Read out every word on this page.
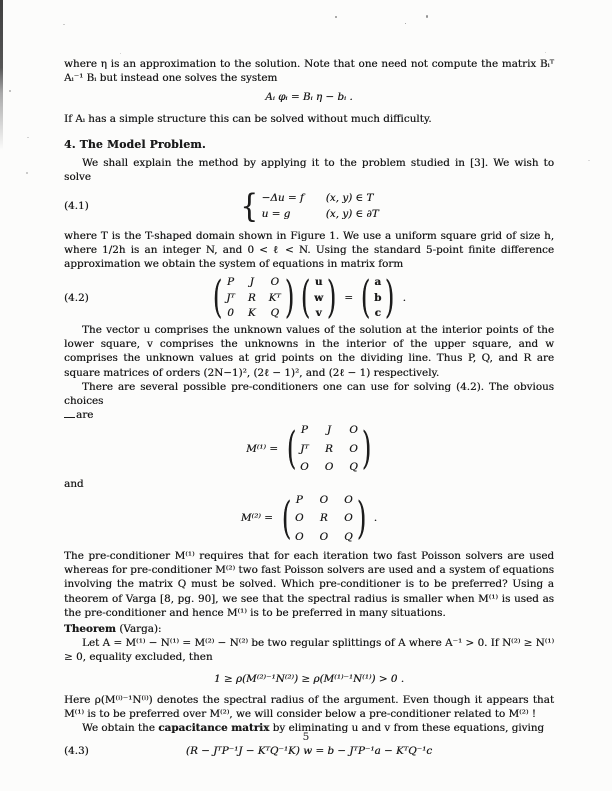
where η is an approximation to the solution. Note that one need not compute the matrix Bᵢᵀ Aᵢ⁻¹ Bᵢ but instead one solves the system

Aᵢ φᵢ = Bᵢ η − bᵢ .

If Aᵢ has a simple structure this can be solved without much difficulty.

4. The Model Problem.

We shall explain the method by applying it to the problem studied in [3]. We wish to solve

(4.1)	{ −Δu = f (x, y) ∈ T
u = g	(x, y) ∈ ∂T

where T is the T-shaped domain shown in Figure 1. We use a uniform square grid of size h, where 1/2h is an integer N, and 0 < ℓ < N. Using the standard 5-point finite difference approximation we obtain the system of equations in matrix form

(4.2)	( P J O
Jᵀ R Kᵀ
0 K Q ) ( u
w
v ) = ( a
b
c ) .

The vector u comprises the unknown values of the solution at the interior points of the lower square, v comprises the unknowns in the interior of the upper square, and w comprises the unknown values at grid points on the dividing line. Thus P, Q, and R are square matrices of orders (2N−1)², (2ℓ − 1)², and (2ℓ − 1) respectively.

There are several possible pre-conditioners one can use for solving (4.2). The obvious choices

are

M⁽¹⁾ = ( P J O
Jᵀ R O
O O Q )

and

M⁽²⁾ = ( P O O
O R O
O O Q ) .

The pre-conditioner M⁽¹⁾ requires that for each iteration two fast Poisson solvers are used whereas for pre-conditioner M⁽²⁾ two fast Poisson solvers are used and a system of equations involving the matrix Q must be solved. Which pre-conditioner is to be preferred? Using a theorem of Varga [8, pg. 90], we see that the spectral radius is smaller when M⁽¹⁾ is used as the pre-conditioner and hence M⁽¹⁾ is to be preferred in many situations.

Theorem (Varga):

Let A = M⁽¹⁾ − N⁽¹⁾ = M⁽²⁾ − N⁽²⁾ be two regular splittings of A where A⁻¹ > 0. If N⁽²⁾ ≥ N⁽¹⁾ ≥ 0, equality excluded, then

1 ≥ ρ(M⁽²⁾⁻¹N⁽²⁾) ≥ ρ(M⁽¹⁾⁻¹N⁽¹⁾) > 0 .

Here ρ(M⁽ⁱ⁾⁻¹N⁽ⁱ⁾) denotes the spectral radius of the argument. Even though it appears that M⁽¹⁾ is to be preferred over M⁽²⁾, we will consider below a pre-conditioner related to M⁽²⁾ !

We obtain the capacitance matrix by eliminating u and v from these equations, giving

(4.3)	(R − JᵀP⁻¹J − KᵀQ⁻¹K) w = b − JᵀP⁻¹a − KᵀQ⁻¹c
5
